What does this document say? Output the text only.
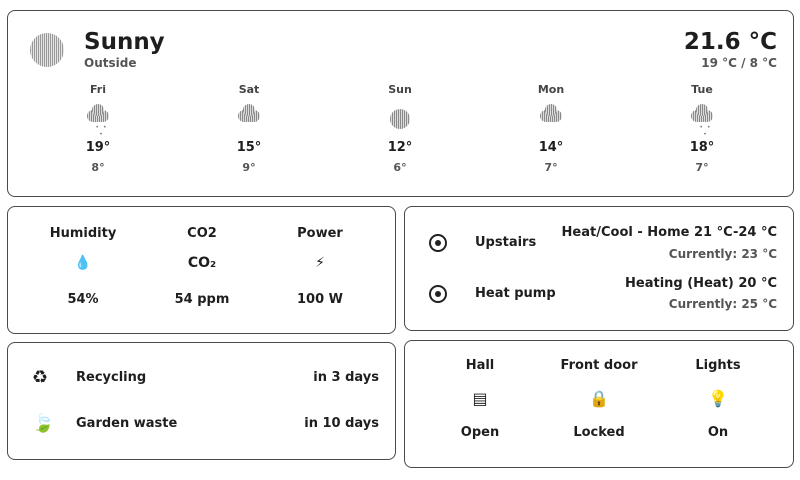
Sunny
Outside
21.6 °C
19 °C / 8 °C
Fri
• • •
19°
8°
Sat
15°
9°
Sun
12°
6°
Mon
14°
7°
Tue
• • •
18°
7°
Humidity
💧
54%
CO2
CO₂
54 ppm
Power
⚡
100 W
Upstairs
Heat/Cool - Home 21 °C-24 °C
Currently: 23 °C
Heat pump
Heating (Heat) 20 °C
Currently: 25 °C
♻ Recycling	in 3 days
🍃 Garden waste	in 10 days
Hall
▤
Open
Front door
🔒
Locked
Lights
💡
On
